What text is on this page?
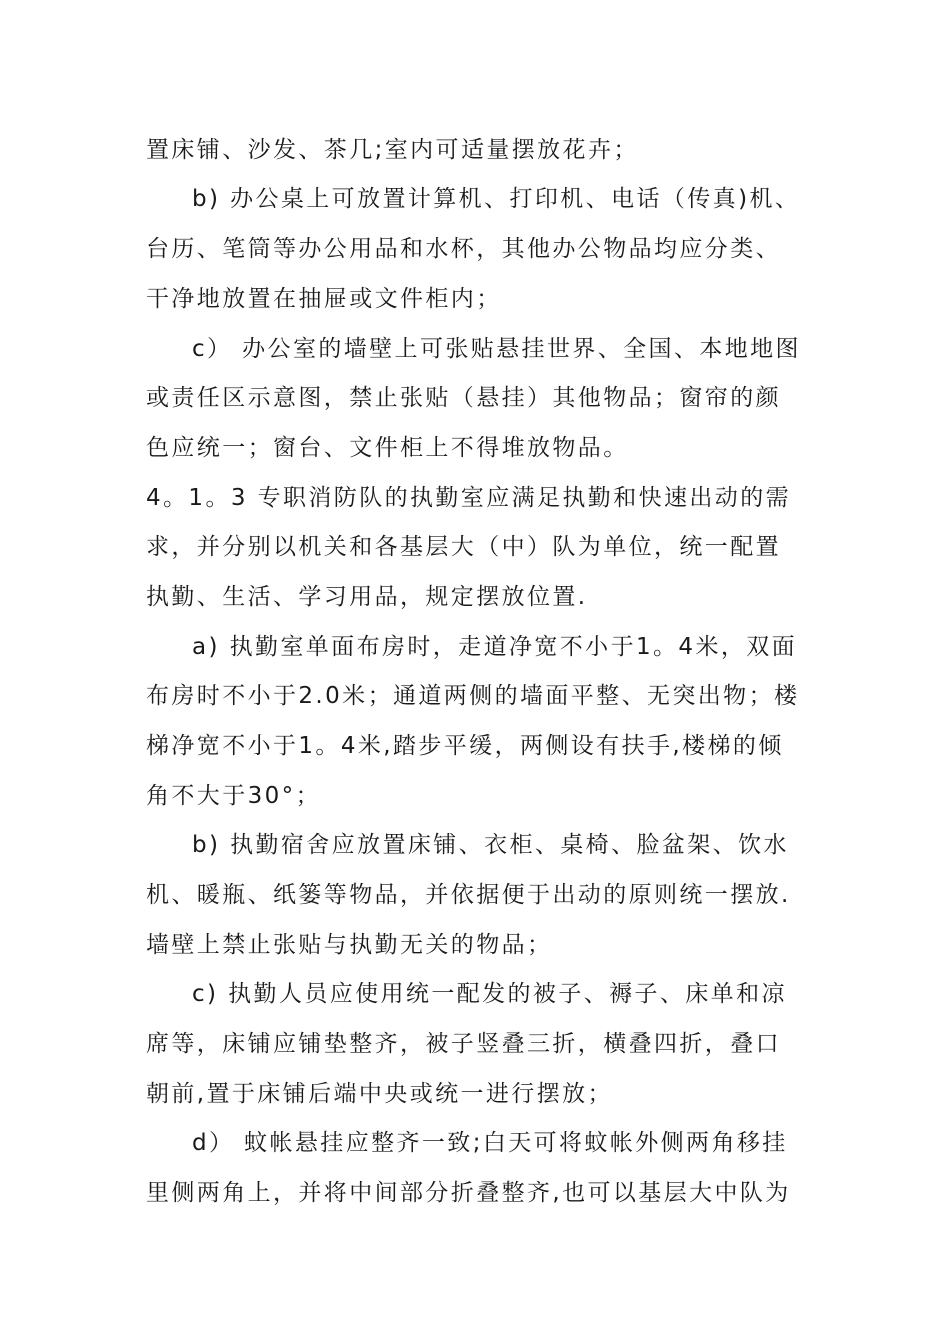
置床铺、沙发、茶几;室内可适量摆放花卉；
b) 办公桌上可放置计算机、打印机、电话（传真)机、
台历、笔筒等办公用品和水杯，其他办公物品均应分类、
干净地放置在抽屉或文件柜内；
c） 办公室的墙壁上可张贴悬挂世界、全国、本地地图
或责任区示意图，禁止张贴（悬挂）其他物品；窗帘的颜
色应统一；窗台、文件柜上不得堆放物品。
4。1。3 专职消防队的执勤室应满足执勤和快速出动的需
求，并分别以机关和各基层大（中）队为单位，统一配置
执勤、生活、学习用品，规定摆放位置.
a) 执勤室单面布房时，走道净宽不小于1。4米，双面
布房时不小于2.0米；通道两侧的墙面平整、无突出物；楼
梯净宽不小于1。4米,踏步平缓，两侧设有扶手,楼梯的倾
角不大于30°；
b) 执勤宿舍应放置床铺、衣柜、桌椅、脸盆架、饮水
机、暖瓶、纸篓等物品，并依据便于出动的原则统一摆放.
墙壁上禁止张贴与执勤无关的物品；
c) 执勤人员应使用统一配发的被子、褥子、床单和凉
席等，床铺应铺垫整齐，被子竖叠三折，横叠四折，叠口
朝前,置于床铺后端中央或统一进行摆放；
d） 蚊帐悬挂应整齐一致;白天可将蚊帐外侧两角移挂
里侧两角上，并将中间部分折叠整齐,也可以基层大中队为
